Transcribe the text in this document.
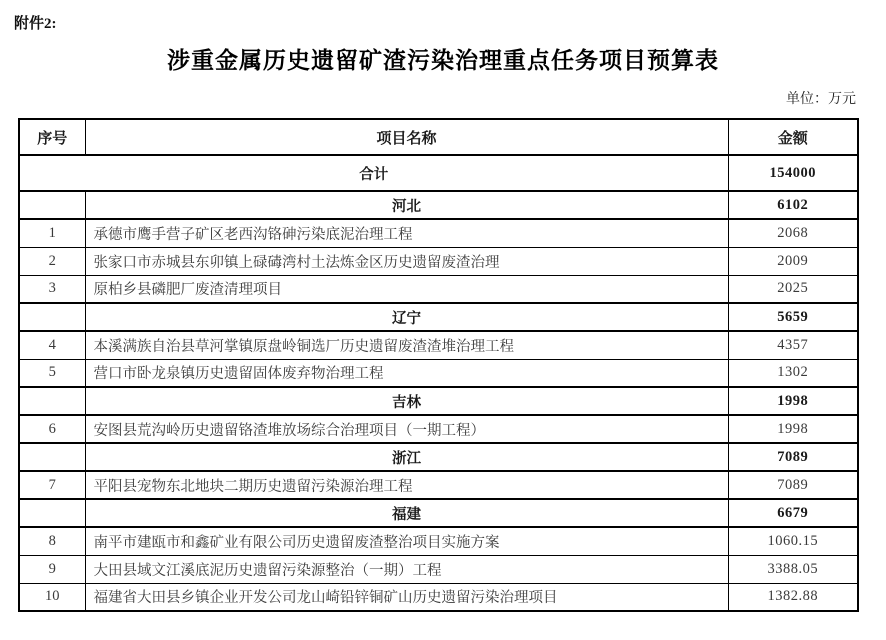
附件2:
涉重金属历史遗留矿渣污染治理重点任务项目预算表
单位：万元
序号	项目名称	金额
合计		154000
	河北	6102
1	承德市鹰手营子矿区老西沟铬砷污染底泥治理工程	2068
2	张家口市赤城县东卯镇上碌碡湾村土法炼金区历史遗留废渣治理	2009
3	原柏乡县磷肥厂废渣清理项目	2025
	辽宁	5659
4	本溪满族自治县草河掌镇原盘岭铜选厂历史遗留废渣渣堆治理工程	4357
5	营口市卧龙泉镇历史遗留固体废弃物治理工程	1302
	吉林	1998
6	安图县荒沟岭历史遗留铬渣堆放场综合治理项目（一期工程）	1998
	浙江	7089
7	平阳县宠物东北地块二期历史遗留污染源治理工程	7089
	福建	6679
8	南平市建瓯市和鑫矿业有限公司历史遗留废渣整治项目实施方案	1060.15
9	大田县域文江溪底泥历史遗留污染源整治（一期）工程	3388.05
10	福建省大田县乡镇企业开发公司龙山崎铅锌铜矿山历史遗留污染治理项目	1382.88
